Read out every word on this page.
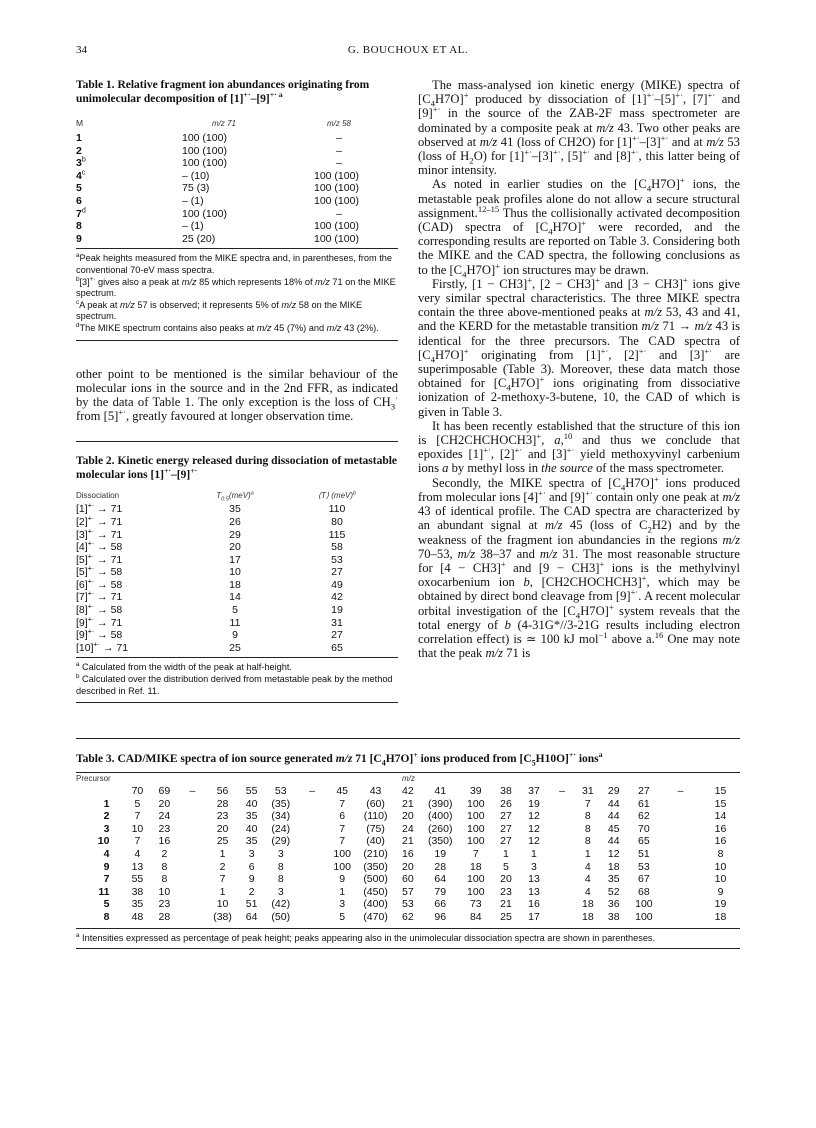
34	G. BOUCHOUX ET AL.
Table 1. Relative fragment ion abundances originating from unimolecular decomposition of [1]+·–[9]+· $^a$
M	m/z 71	m/z 58
1	100 (100)	–
2	100 (100)	–
3$^b$	100 (100)	–
4$^c$	– (10)	100 (100)
5	75 (3)	100 (100)
6	– (1)	100 (100)
7$^d$	100 (100)	–
8	– (1)	100 (100)
9	25 (20)	100 (100)
$^a$Peak heights measured from the MIKE spectra and, in parentheses, from the conventional 70-eV mass spectra.
$^b$[3]+· gives also a peak at m/z 85 which represents 18% of m/z 71 on the MIKE spectrum.
$^c$A peak at m/z 57 is observed; it represents 5% of m/z 58 on the MIKE spectrum.
$^d$The MIKE spectrum contains also peaks at m/z 45 (7%) and m/z 43 (2%).

other point to be mentioned is the similar behaviour of the molecular ions in the source and in the 2nd FFR, as indicated by the data of Table 1. The only exception is the loss of $CH_3^\cdot$ from [5]+·, greatly favoured at longer observation time.

Table 2. Kinetic energy released during dissociation of metastable molecular ions [1]+·–[9]+·
Dissociation	$T_{0.5}(meV)^a$	⟨T⟩ (meV)$^b$
[1]+· → 71	35	110
[2]+· → 71	26	80
[3]+· → 71	29	115
[4]+· → 58	20	58
[5]+· → 71	17	53
[5]+· → 58	10	27
[6]+· → 58	18	49
[7]+· → 71	14	42
[8]+· → 58	5	19
[9]+· → 71	11	31
[9]+· → 58	9	27
[10]+· → 71	25	65
$^a$ Calculated from the width of the peak at half-height.
$^b$ Calculated over the distribution derived from metastable peak by the method described in Ref. 11.

The mass-analysed ion kinetic energy (MIKE) spectra of $[C_4H7O]^+$ produced by dissociation of [1]+·–[5]+·, [7]+· and [9]+· in the source of the ZAB-2F mass spectrometer are dominated by a composite peak at m/z 43. Two other peaks are observed at m/z 41 (loss of CH2O) for [1]+·–[3]+· and at m/z 53 (loss of $H_2O$) for [1]+·–[3]+·, [5]+· and [8]+·, this latter being of minor intensity.

As noted in earlier studies on the $[C_4H7O]^+$ ions, the metastable peak profiles alone do not allow a secure structural assignment.$^{12-15}$ Thus the collisionally activated decomposition (CAD) spectra of $[C_4H7O]^+$ were recorded, and the corresponding results are reported on Table 3. Considering both the MIKE and the CAD spectra, the following conclusions as to the $[C_4H7O]^+$ ion structures may be drawn.

Firstly, [1 − CH3]+, [2 − CH3]+ and [3 − CH3]+ ions give very similar spectral characteristics. The three MIKE spectra contain the three above-mentioned peaks at m/z 53, 43 and 41, and the KERD for the metastable transition m/z 71 → m/z 43 is identical for the three precursors. The CAD spectra of $[C_4H7O]^+$ originating from [1]+·, [2]+· and [3]+· are superimposable (Table 3). Moreover, these data match those obtained for $[C_4H7O]^+$ ions originating from dissociative ionization of 2-methoxy-3-butene, 10, the CAD of which is given in Table 3.

It has been recently established that the structure of this ion is [CH2CHCHOCH3]+, a,$^{10}$ and thus we conclude that epoxides [1]+·, [2]+· and [3]+· yield methoxyvinyl carbenium ions a by methyl loss in the source of the mass spectrometer.

Secondly, the MIKE spectra of $[C_4H7O]^+$ ions produced from molecular ions [4]+· and [9]+· contain only one peak at m/z 43 of identical profile. The CAD spectra are characterized by an abundant signal at m/z 45 (loss of $C_2H2$) and by the weakness of the fragment ion abundancies in the regions m/z 70–53, m/z 38–37 and m/z 31. The most reasonable structure for [4 − CH3]+ and [9 − CH3]+ ions is the methylvinyl oxocarbenium ion b, [CH2CHOCHCH3]+, which may be obtained by direct bond cleavage from [9]+·. A recent molecular orbital investigation of the $[C_4H7O]^+$ system reveals that the total energy of b (4-31G*//3-21G results including electron correlation effect) is ≃ 100 kJ mol$^{-1}$ above a.$^{16}$ One may note that the peak m/z 71 is

Table 3. CAD/MIKE spectra of ion source generated m/z 71 $[C_4H7O]^+$ ions produced from $[C_5H10O]^{+\cdot}$ ions$^a$
Precursor	m/z
	70	69	–	56	55	53	–	45	43	42	41	39	38	37	–	31	29	27	–	15
1	5	20		28	40	(35)		7	(60)	21	(390)	100	26	19		7	44	61		15
2	7	24		23	35	(34)		6	(110)	20	(400)	100	27	12		8	44	62		14
3	10	23		20	40	(24)		7	(75)	24	(260)	100	27	12		8	45	70		16
10	7	16		25	35	(29)		7	(40)	21	(350)	100	27	12		8	44	65		16
4	4	2		1	3	3		100	(210)	16	19	7	1	1		1	12	51		8
9	13	8		2	6	8		100	(350)	20	28	18	5	3		4	18	53		10
7	55	8		7	9	8		9	(500)	60	64	100	20	13		4	35	67		10
11	38	10		1	2	3		1	(450)	57	79	100	23	13		4	52	68		9
5	35	23		10	51	(42)		3	(400)	53	66	73	21	16		18	36	100		19
8	48	28		(38)	64	(50)		5	(470)	62	96	84	25	17		18	38	100		18
$^a$ Intensities expressed as percentage of peak height; peaks appearing also in the unimolecular dissociation spectra are shown in parentheses.
